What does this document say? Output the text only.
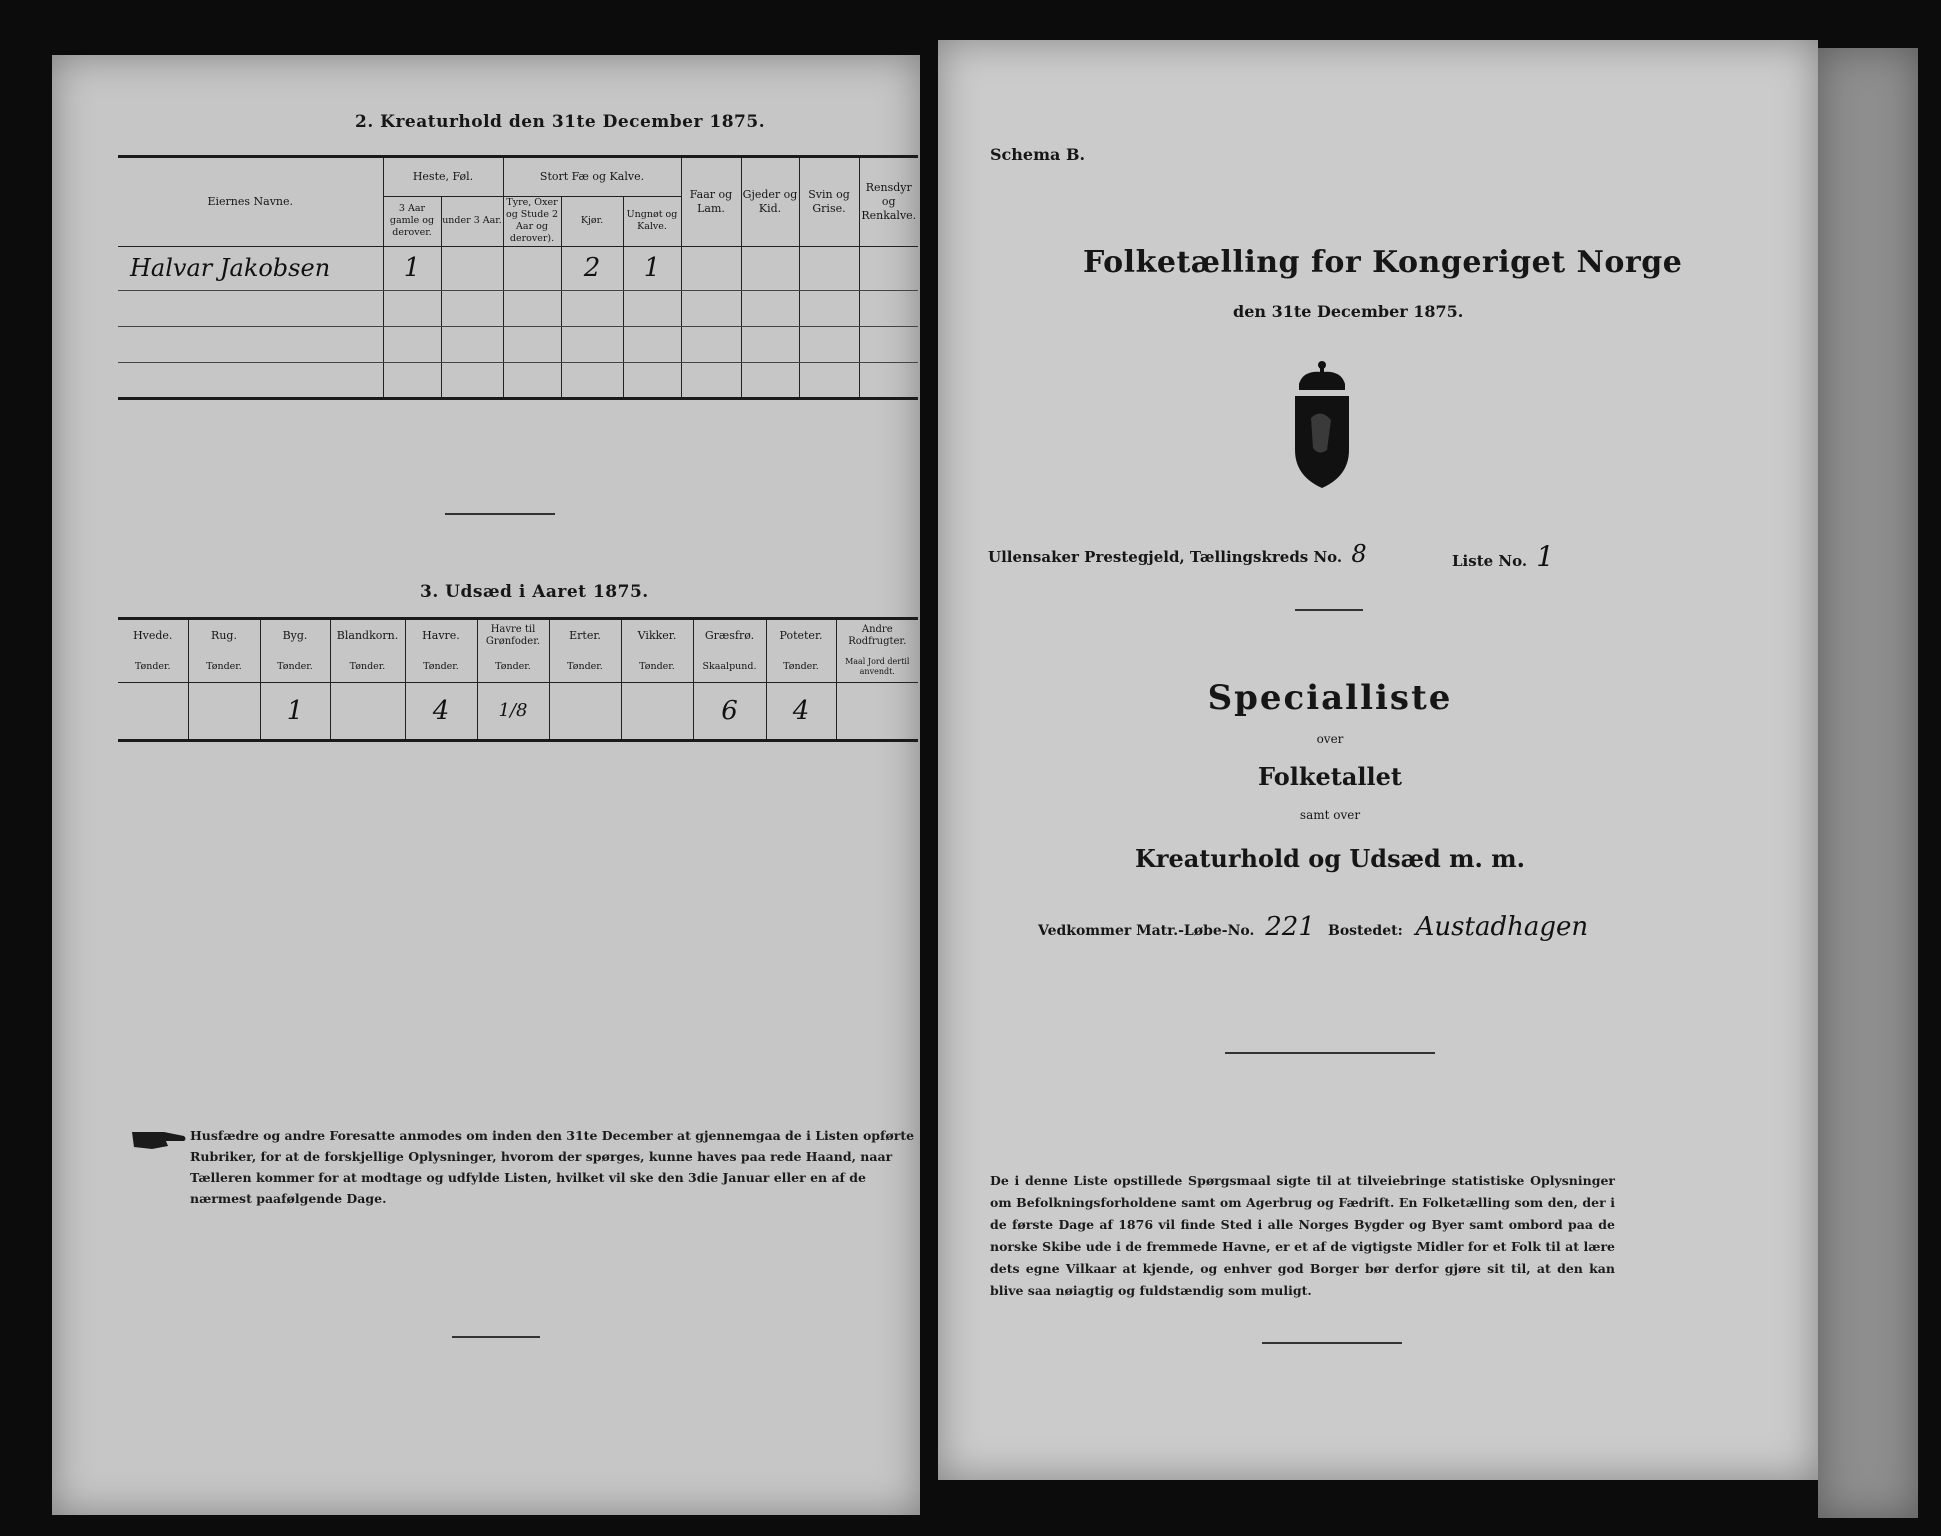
2. Kreaturhold den 31te December 1875.
Eiernes Navne.	Heste, Føl.		Stort Fæ og Kalve.			Faar og Lam.	Gjeder og Kid.	Svin og Grise.	Rensdyr og Renkalve.
	3 Aar gamle og derover.	under 3 Aar.	Tyre, Oxer og Stude 2 Aar og derover).	Kjør.	Ungnøt og Kalve.				
Halvar Jakobsen	1			2	1				

3. Udsæd i Aaret 1875.
Hvede.	Rug.	Byg.	Blandkorn.	Havre.	Havre til Grønfoder.	Erter.	Vikker.	Græsfrø.	Poteter.	Andre Rodfrugter.
Tønder.	Tønder.	Tønder.	Tønder.	Tønder.	Tønder.	Tønder.	Tønder.	Skaalpund.	Tønder.	Maal Jord dertil anvendt.
		1		4	1/8			6	4	
Husfædre og andre Foresatte anmodes om inden den 31te December at gjennemgaa de i Listen opførte Rubriker, for at de forskjellige Oplysninger, hvorom der spørges, kunne haves paa rede Haand, naar Tælleren kommer for at modtage og udfylde Listen, hvilket vil ske den 3die Januar eller en af de nærmest paafølgende Dage.
Schema B.
Folketælling for Kongeriget Norge
den 31te December 1875.
Ullensaker Prestegjeld, Tællingskreds No. 8	Liste No. 1
Specialliste
over
Folketallet
samt over
Kreaturhold og Udsæd m. m.
Vedkommer Matr.-Løbe-No. 221 Bostedet: Austadhagen
De i denne Liste opstillede Spørgsmaal sigte til at tilveiebringe statistiske Oplysninger om Befolkningsforholdene samt om Agerbrug og Fædrift. En Folketælling som den, der i de første Dage af 1876 vil finde Sted i alle Norges Bygder og Byer samt ombord paa de norske Skibe ude i de fremmede Havne, er et af de vigtigste Midler for et Folk til at lære dets egne Vilkaar at kjende, og enhver god Borger bør derfor gjøre sit til, at den kan blive saa nøiagtig og fuldstændig som muligt.
